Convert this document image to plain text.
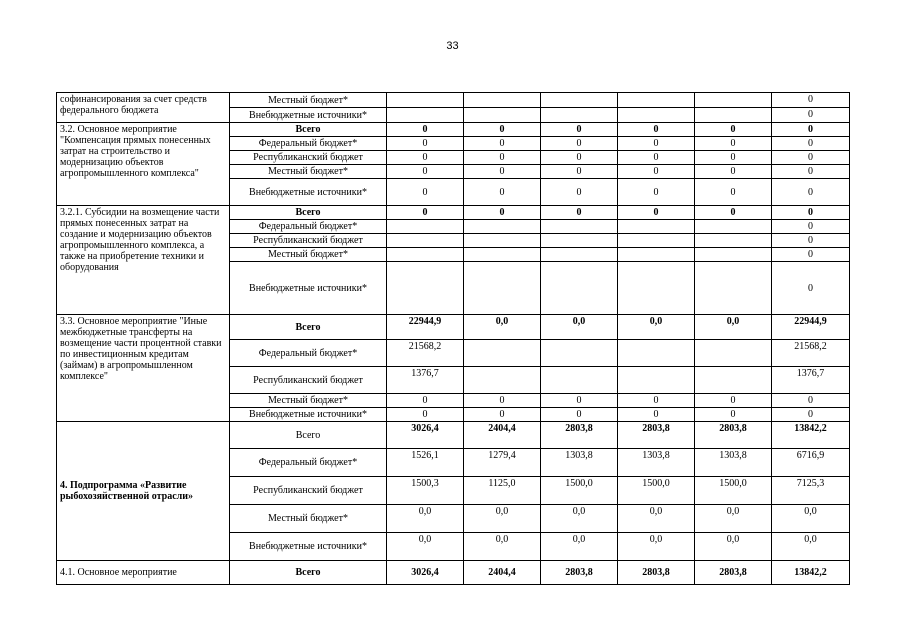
33
софинансирования за счет средств федерального бюджета	Местный бюджет*						0
	Внебюджетные источники*						0
3.2. Основное мероприятие "Компенсация прямых понесенных затрат на строительство и модернизацию объектов агропромышленного комплекса"	Всего	0	0	0	0	0	0
	Федеральный бюджет*	0	0	0	0	0	0
	Республиканский бюджет	0	0	0	0	0	0
	Местный бюджет*	0	0	0	0	0	0
	Внебюджетные источники*	0	0	0	0	0	0
3.2.1. Субсидии на возмещение части прямых понесенных затрат на создание и модернизацию объектов агропромышленного комплекса, а также на приобретение техники и оборудования	Всего	0	0	0	0	0	0
	Федеральный бюджет*						0
	Республиканский бюджет						0
	Местный бюджет*						0
	Внебюджетные источники*						0
3.3. Основное мероприятие "Иные межбюджетные трансферты на возмещение части процентной ставки по инвестиционным кредитам (займам) в агропромышленном комплексе"	Всего	22944,9	0,0	0,0	0,0	0,0	22944,9
	Федеральный бюджет*	21568,2					21568,2
	Республиканский бюджет	1376,7					1376,7
	Местный бюджет*	0	0	0	0	0	0
	Внебюджетные источники*	0	0	0	0	0	0
4. Подпрограмма «Развитие рыбохозяйственной отрасли»	Всего	3026,4	2404,4	2803,8	2803,8	2803,8	13842,2
	Федеральный бюджет*	1526,1	1279,4	1303,8	1303,8	1303,8	6716,9
	Республиканский бюджет	1500,3	1125,0	1500,0	1500,0	1500,0	7125,3
	Местный бюджет*	0,0	0,0	0,0	0,0	0,0	0,0
	Внебюджетные источники*	0,0	0,0	0,0	0,0	0,0	0,0
4.1. Основное мероприятие	Всего	3026,4	2404,4	2803,8	2803,8	2803,8	13842,2
